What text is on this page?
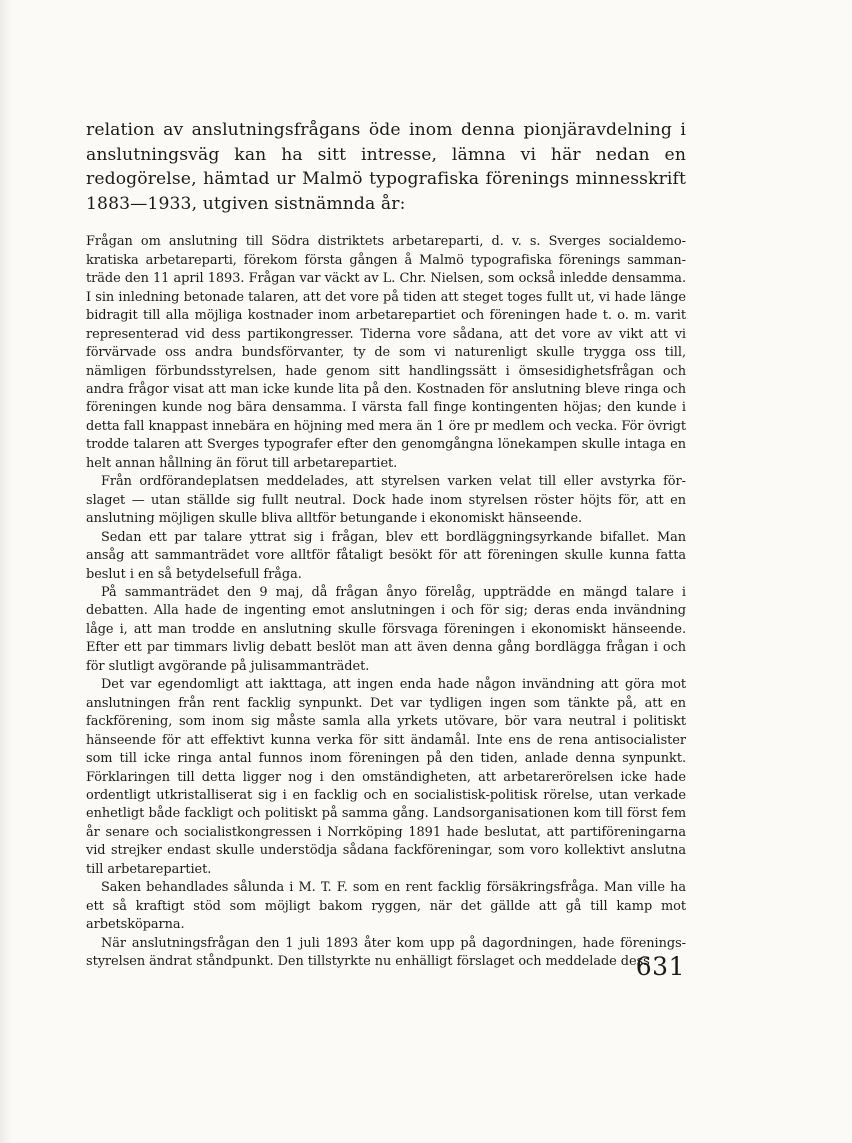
relation av anslutningsfrågans öde inom denna pionjäravdelning i anslutningsväg kan ha sitt intresse, lämna vi här nedan en redogörelse, hämtad ur Malmö typografiska förenings minnesskrift 1883—1933, utgiven sistnämnda år:

Frågan om anslutning till Södra distriktets arbetareparti, d. v. s. Sverges socialdemokratiska arbetareparti, förekom första gången å Malmö typografiska förenings sammanträde den 11 april 1893. Frågan var väckt av L. Chr. Nielsen, som också inledde densamma. I sin inledning betonade talaren, att det vore på tiden att steget toges fullt ut, vi hade länge bidragit till alla möjliga kostnader inom arbetarepartiet och föreningen hade t. o. m. varit representerad vid dess partikongresser. Tiderna vore sådana, att det vore av vikt att vi förvärvade oss andra bundsförvanter, ty de som vi naturenligt skulle trygga oss till, nämligen förbundsstyrelsen, hade genom sitt handlingssätt i ömsesidighetsfrågan och andra frågor visat att man icke kunde lita på den. Kostnaden för anslutning bleve ringa och föreningen kunde nog bära densamma. I värsta fall finge kontingenten höjas; den kunde i detta fall knappast innebära en höjning med mera än 1 öre pr medlem och vecka. För övrigt trodde talaren att Sverges typografer efter den genomgångna lönekampen skulle intaga en helt annan hållning än förut till arbetarepartiet.

Från ordförandeplatsen meddelades, att styrelsen varken velat till eller avstyrka förslaget — utan ställde sig fullt neutral. Dock hade inom styrelsen röster höjts för, att en anslutning möjligen skulle bliva alltför betungande i ekonomiskt hänseende.

Sedan ett par talare yttrat sig i frågan, blev ett bordläggningsyrkande bifallet. Man ansåg att sammanträdet vore alltför fåtaligt besökt för att föreningen skulle kunna fatta beslut i en så betydelsefull fråga.

På sammanträdet den 9 maj, då frågan ånyo förelåg, uppträdde en mängd talare i debatten. Alla hade de ingenting emot anslutningen i och för sig; deras enda invändning låge i, att man trodde en anslutning skulle försvaga föreningen i ekonomiskt hänseende. Efter ett par timmars livlig debatt beslöt man att även denna gång bordlägga frågan i och för slutligt avgörande på julisammanträdet.

Det var egendomligt att iakttaga, att ingen enda hade någon invändning att göra mot anslutningen från rent facklig synpunkt. Det var tydligen ingen som tänkte på, att en fackförening, som inom sig måste samla alla yrkets utövare, bör vara neutral i politiskt hänseende för att effektivt kunna verka för sitt ändamål. Inte ens de rena antisocialister som till icke ringa antal funnos inom föreningen på den tiden, anlade denna synpunkt. Förklaringen till detta ligger nog i den omständigheten, att arbetarerörelsen icke hade ordentligt utkristalliserat sig i en facklig och en socialistisk‑politisk rörelse, utan verkade enhetligt både fackligt och politiskt på samma gång. Landsorganisationen kom till först fem år senare och socialistkongressen i Norrköping 1891 hade beslutat, att partiföreningarna vid strejker endast skulle understödja sådana fackföreningar, som voro kollektivt anslutna till arbetarepartiet.

Saken behandlades sålunda i M. T. F. som en rent facklig försäkringsfråga. Man ville ha ett så kraftigt stöd som möjligt bakom ryggen, när det gällde att gå till kamp mot arbetsköparna.

När anslutningsfrågan den 1 juli 1893 åter kom upp på dagordningen, hade föreningsstyrelsen ändrat ståndpunkt. Den tillstyrkte nu enhälligt förslaget och meddelade dess

631
